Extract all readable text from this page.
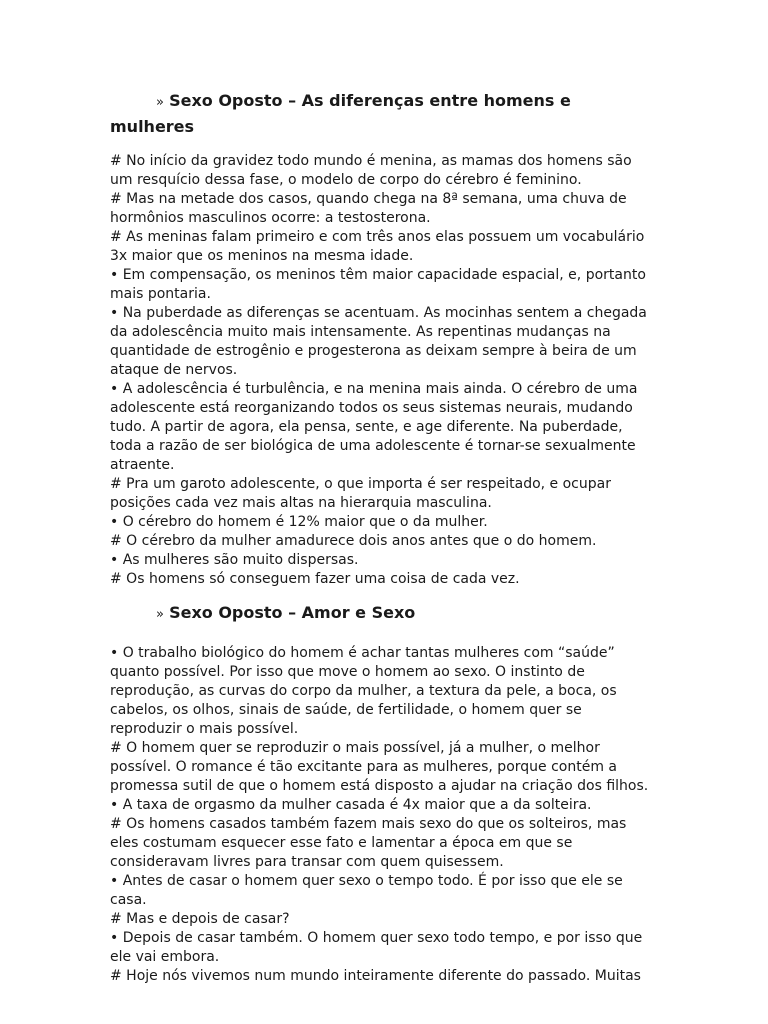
» Sexo Oposto – As diferenças entre homens e mulheres
# No início da gravidez todo mundo é menina, as mamas dos homens são
um resquício dessa fase, o modelo de corpo do cérebro é feminino.
# Mas na metade dos casos, quando chega na 8ª semana, uma chuva de
hormônios masculinos ocorre: a testosterona.
# As meninas falam primeiro e com três anos elas possuem um vocabulário
3x maior que os meninos na mesma idade.
• Em compensação, os meninos têm maior capacidade espacial, e, portanto
mais pontaria.
• Na puberdade as diferenças se acentuam. As mocinhas sentem a chegada
da adolescência muito mais intensamente. As repentinas mudanças na
quantidade de estrogênio e progesterona as deixam sempre à beira de um
ataque de nervos.
• A adolescência é turbulência, e na menina mais ainda. O cérebro de uma
adolescente está reorganizando todos os seus sistemas neurais, mudando
tudo. A partir de agora, ela pensa, sente, e age diferente. Na puberdade,
toda a razão de ser biológica de uma adolescente é tornar-se sexualmente
atraente.
# Pra um garoto adolescente, o que importa é ser respeitado, e ocupar
posições cada vez mais altas na hierarquia masculina.
• O cérebro do homem é 12% maior que o da mulher.
# O cérebro da mulher amadurece dois anos antes que o do homem.
• As mulheres são muito dispersas.
# Os homens só conseguem fazer uma coisa de cada vez.
» Sexo Oposto – Amor e Sexo
• O trabalho biológico do homem é achar tantas mulheres com “saúde”
quanto possível. Por isso que move o homem ao sexo. O instinto de
reprodução, as curvas do corpo da mulher, a textura da pele, a boca, os
cabelos, os olhos, sinais de saúde, de fertilidade, o homem quer se
reproduzir o mais possível.
# O homem quer se reproduzir o mais possível, já a mulher, o melhor
possível. O romance é tão excitante para as mulheres, porque contém a
promessa sutil de que o homem está disposto a ajudar na criação dos filhos.
• A taxa de orgasmo da mulher casada é 4x maior que a da solteira.
# Os homens casados também fazem mais sexo do que os solteiros, mas
eles costumam esquecer esse fato e lamentar a época em que se
consideravam livres para transar com quem quisessem.
• Antes de casar o homem quer sexo o tempo todo. É por isso que ele se
casa.
# Mas e depois de casar?
• Depois de casar também. O homem quer sexo todo tempo, e por isso que
ele vai embora.
# Hoje nós vivemos num mundo inteiramente diferente do passado. Muitas
